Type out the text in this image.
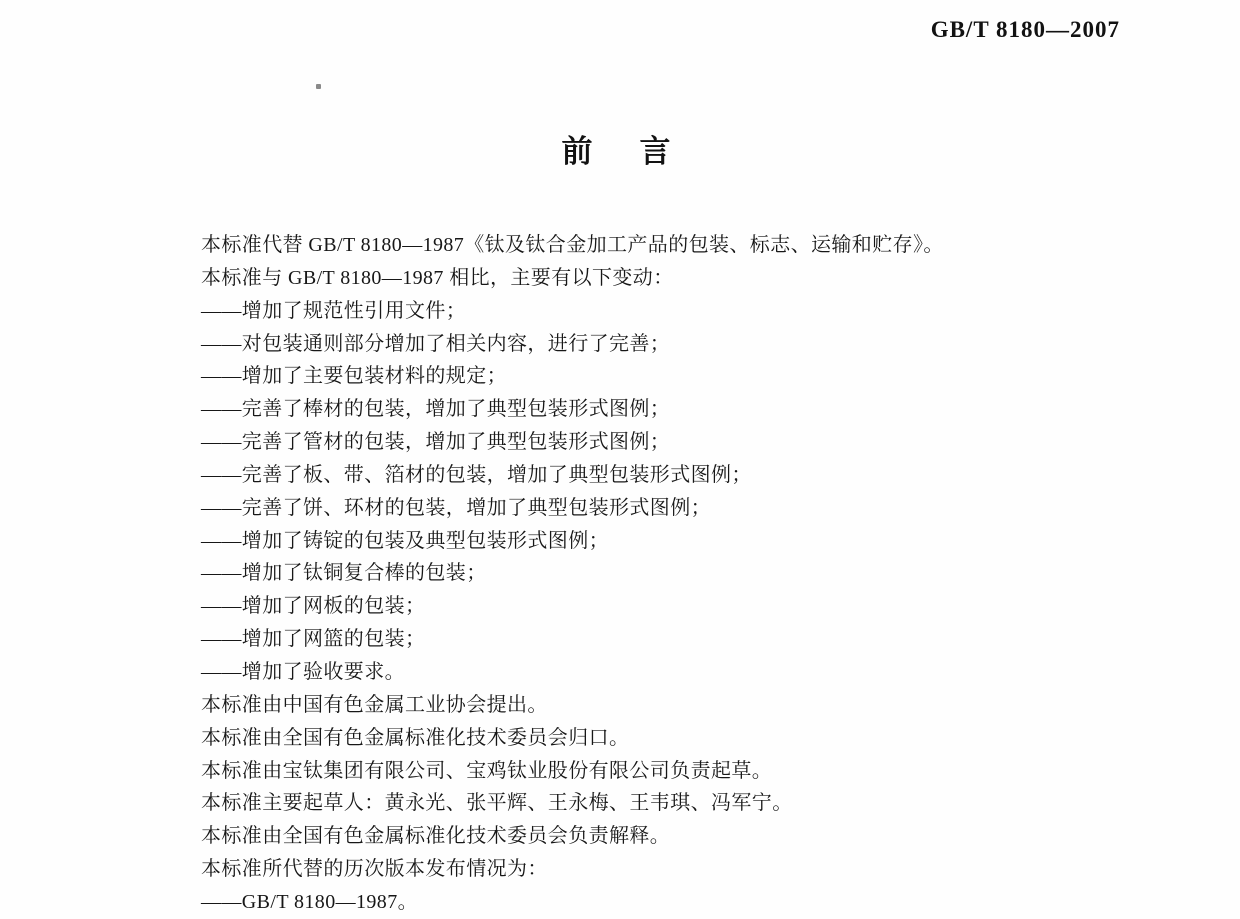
GB/T 8180—2007
前　言
本标准代替 GB/T 8180—1987《钛及钛合金加工产品的包装、标志、运输和贮存》。
本标准与 GB/T 8180—1987 相比，主要有以下变动：
——增加了规范性引用文件；
——对包装通则部分增加了相关内容，进行了完善；
——增加了主要包装材料的规定；
——完善了棒材的包装，增加了典型包装形式图例；
——完善了管材的包装，增加了典型包装形式图例；
——完善了板、带、箔材的包装，增加了典型包装形式图例；
——完善了饼、环材的包装，增加了典型包装形式图例；
——增加了铸锭的包装及典型包装形式图例；
——增加了钛铜复合棒的包装；
——增加了网板的包装；
——增加了网篮的包装；
——增加了验收要求。
本标准由中国有色金属工业协会提出。
本标准由全国有色金属标准化技术委员会归口。
本标准由宝钛集团有限公司、宝鸡钛业股份有限公司负责起草。
本标准主要起草人：黄永光、张平辉、王永梅、王韦琪、冯军宁。
本标准由全国有色金属标准化技术委员会负责解释。
本标准所代替的历次版本发布情况为：
——GB/T 8180—1987。
